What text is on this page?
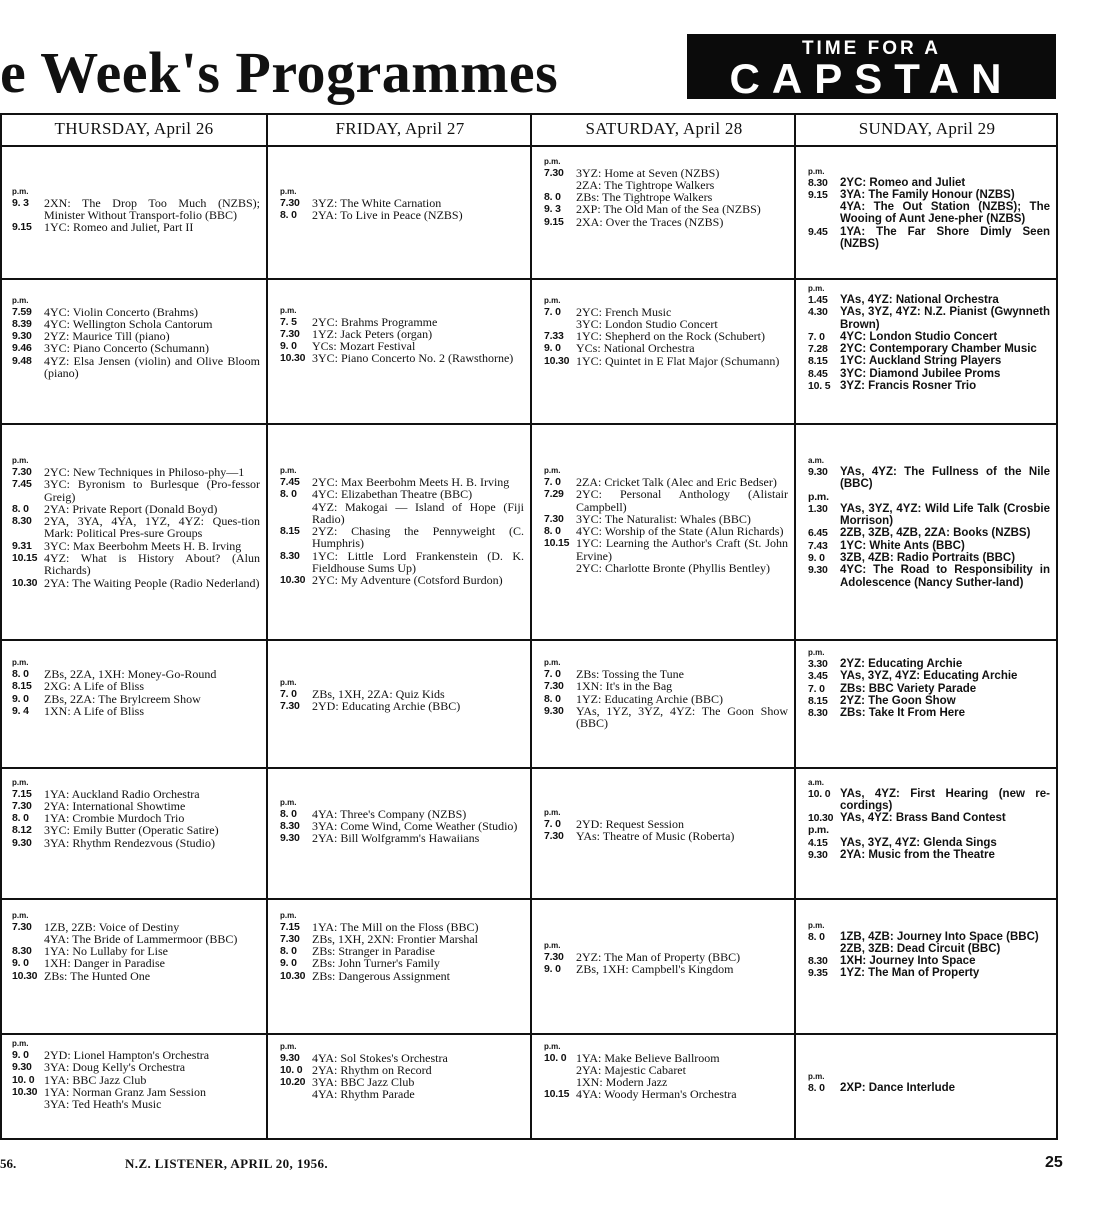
e Week's Programmes	TIME FOR A
CAPSTAN
THURSDAY, April 26	FRIDAY, April 27	SATURDAY, April 28	SUNDAY, April 29
p.m.
9. 3	2XN: The Drop Too Much (NZBS); Minister Without Transport-folio (BBC)
9.15	1YC: Romeo and Juliet, Part II
p.m.
7.30	3YZ: The White Carnation
8. 0	2YA: To Live in Peace (NZBS)
p.m.
7.30	3YZ: Home at Seven (NZBS)
2ZA: The Tightrope Walkers
8. 0	ZBs: The Tightrope Walkers
9. 3	2XP: The Old Man of the Sea (NZBS)
9.15	2XA: Over the Traces (NZBS)
p.m.
8.30	2YC: Romeo and Juliet
9.15	3YA: The Family Honour (NZBS)
4YA: The Out Station (NZBS); The Wooing of Aunt Jene-pher (NZBS)
9.45	1YA: The Far Shore Dimly Seen (NZBS)
p.m.
7.59	4YC: Violin Concerto (Brahms)
8.39	4YC: Wellington Schola Cantorum
9.30	2YZ: Maurice Till (piano)
9.46	3YC: Piano Concerto (Schumann)
9.48	4YZ: Elsa Jensen (violin) and Olive Bloom (piano)
p.m.
7. 5	2YC: Brahms Programme
7.30	1YZ: Jack Peters (organ)
9. 0	YCs: Mozart Festival
10.30 3YC: Piano Concerto No. 2 (Rawsthorne)
p.m.
7. 0	2YC: French Music
3YC: London Studio Concert
7.33	1YC: Shepherd on the Rock (Schubert)
9. 0	YCs: National Orchestra
10.30 1YC: Quintet in E Flat Major (Schumann)
p.m.
1.45	YAs, 4YZ: National Orchestra
4.30	YAs, 3YZ, 4YZ: N.Z. Pianist (Gwynneth Brown)
7. 0	4YC: London Studio Concert
7.28	2YC: Contemporary Chamber Music
8.15	1YC: Auckland String Players
8.45	3YC: Diamond Jubilee Proms
10. 5 3YZ: Francis Rosner Trio
p.m.
7.30	2YC: New Techniques in Philoso-phy—1
7.45	3YC: Byronism to Burlesque (Pro-fessor Greig)
8. 0	2YA: Private Report (Donald Boyd)
8.30	2YA, 3YA, 4YA, 1YZ, 4YZ: Ques-tion Mark: Political Pres-sure Groups
9.31	3YC: Max Beerbohm Meets H. B. Irving
10.15 4YZ: What is History About? (Alun Richards)
10.30 2YA: The Waiting People (Radio Nederland)
p.m.
7.45	2YC: Max Beerbohm Meets H. B. Irving
8. 0	4YC: Elizabethan Theatre (BBC)
4YZ: Makogai — Island of Hope (Fiji Radio)
8.15	2YZ: Chasing the Pennyweight (C. Humphris)
8.30	1YC: Little Lord Frankenstein (D. K. Fieldhouse Sums Up)
10.30 2YC: My Adventure (Cotsford Burdon)
p.m.
7. 0	2ZA: Cricket Talk (Alec and Eric Bedser)
7.29	2YC: Personal Anthology (Alistair Campbell)
7.30	3YC: The Naturalist: Whales (BBC)
8. 0	4YC: Worship of the State (Alun Richards)
10.15 1YC: Learning the Author's Craft (St. John Ervine)
2YC: Charlotte Bronte (Phyllis Bentley)
a.m.
9.30	YAs, 4YZ: The Fullness of the Nile (BBC)
p.m.
1.30	YAs, 3YZ, 4YZ: Wild Life Talk (Crosbie Morrison)
6.45	2ZB, 3ZB, 4ZB, 2ZA: Books (NZBS)
7.43	1YC: White Ants (BBC)
9. 0	3ZB, 4ZB: Radio Portraits (BBC)
9.30	4YC: The Road to Responsibility in Adolescence (Nancy Suther-land)
p.m.
8. 0	ZBs, 2ZA, 1XH: Money-Go-Round
8.15	2XG: A Life of Bliss
9. 0	ZBs, 2ZA: The Brylcreem Show
9. 4	1XN: A Life of Bliss
p.m.
7. 0	ZBs, 1XH, 2ZA: Quiz Kids
7.30	2YD: Educating Archie (BBC)
p.m.
7. 0	ZBs: Tossing the Tune
7.30	1XN: It's in the Bag
8. 0	1YZ: Educating Archie (BBC)
9.30	YAs, 1YZ, 3YZ, 4YZ: The Goon Show (BBC)
p.m.
3.30	2YZ: Educating Archie
3.45	YAs, 3YZ, 4YZ: Educating Archie
7. 0	ZBs: BBC Variety Parade
8.15	2YZ: The Goon Show
8.30	ZBs: Take It From Here
p.m.
7.15	1YA: Auckland Radio Orchestra
7.30	2YA: International Showtime
8. 0	1YA: Crombie Murdoch Trio
8.12	3YC: Emily Butter (Operatic Satire)
9.30	3YA: Rhythm Rendezvous (Studio)
p.m.
8. 0	4YA: Three's Company (NZBS)
8.30	3YA: Come Wind, Come Weather (Studio)
9.30	2YA: Bill Wolfgramm's Hawaiians
p.m.
7. 0	2YD: Request Session
7.30	YAs: Theatre of Music (Roberta)
a.m.
10. 0 YAs, 4YZ: First Hearing (new re-cordings)
10.30 YAs, 4YZ: Brass Band Contest
p.m.
4.15	YAs, 3YZ, 4YZ: Glenda Sings
9.30	2YA: Music from the Theatre
p.m.
7.30	1ZB, 2ZB: Voice of Destiny
4YA: The Bride of Lammermoor (BBC)
8.30	1YA: No Lullaby for Lise
9. 0	1XH: Danger in Paradise
10.30 ZBs: The Hunted One
p.m.
7.15	1YA: The Mill on the Floss (BBC)
7.30	ZBs, 1XH, 2XN: Frontier Marshal
8. 0	ZBs: Stranger in Paradise
9. 0	ZBs: John Turner's Family
10.30 ZBs: Dangerous Assignment
p.m.
7.30	2YZ: The Man of Property (BBC)
9. 0	ZBs, 1XH: Campbell's Kingdom
p.m.
8. 0	1ZB, 4ZB: Journey Into Space (BBC)
2ZB, 3ZB: Dead Circuit (BBC)
8.30	1XH: Journey Into Space
9.35	1YZ: The Man of Property
p.m.
9. 0	2YD: Lionel Hampton's Orchestra
9.30	3YA: Doug Kelly's Orchestra
10. 0 1YA: BBC Jazz Club
10.30 1YA: Norman Granz Jam Session
3YA: Ted Heath's Music
p.m.
9.30	4YA: Sol Stokes's Orchestra
10. 0 2YA: Rhythm on Record
10.20 3YA: BBC Jazz Club
4YA: Rhythm Parade
p.m.
10. 0 1YA: Make Believe Ballroom
2YA: Majestic Cabaret
1XN: Modern Jazz
10.15 4YA: Woody Herman's Orchestra
p.m.
8. 0	2XP: Dance Interlude
56.	N.Z. LISTENER, APRIL 20, 1956.	25
